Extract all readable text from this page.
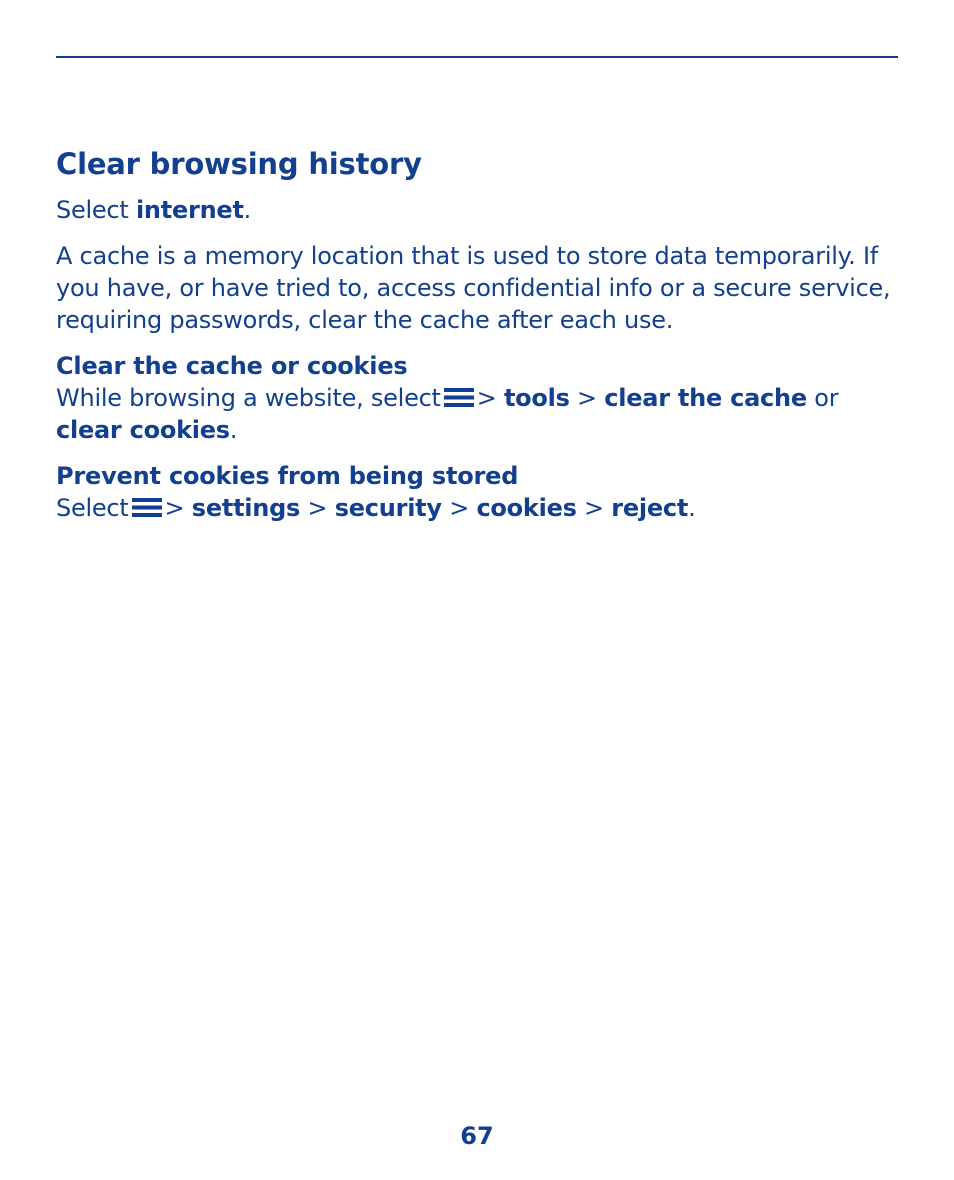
Clear browsing history

Select internet.

A cache is a memory location that is used to store data temporarily. If you have, or have tried to, access confidential info or a secure service, requiring passwords, clear the cache after each use.

Clear the cache or cookies

While browsing a website, select > tools > clear the cache or clear cookies.

Prevent cookies from being stored

Select > settings > security > cookies > reject.

67
